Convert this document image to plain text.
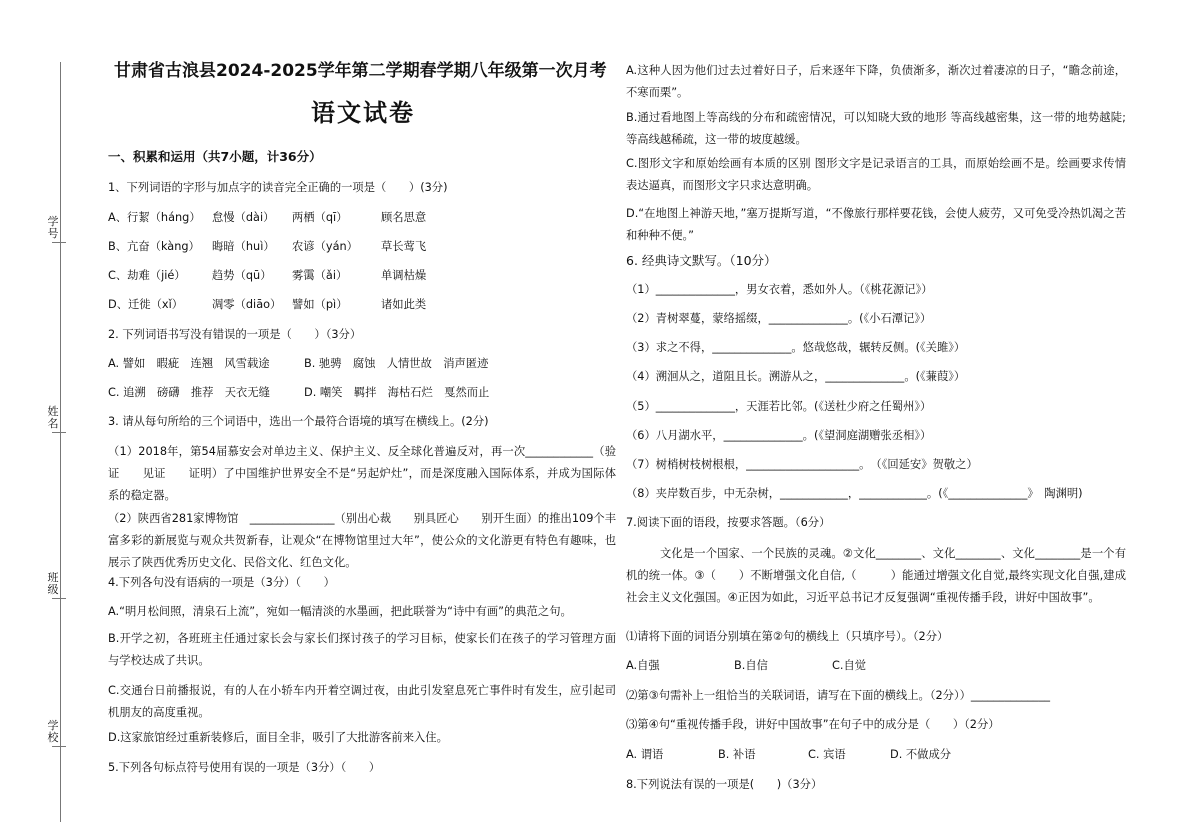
学号
姓名
班级
学校
甘肃省古浪县2024-2025学年第二学期春学期八年级第一次月考
语文试卷
一、积累和运用（共7小题，计36分）
1、下列词语的字形与加点字的读音完全正确的一项是（　　）(3分)
A、行絜（háng） 怠慢（dài） 两栖（qī）	顾名思意
B、亢奋（kàng） 晦暗（huì） 农谚（yán） 草长莺飞
C、劫难（jié） 趋势（qū） 雾霭（ǎi）	单调枯燥
D、迁徙（xǐ）	凋零（diāo） 譬如（pì）	诸如此类
2. 下列词语书写没有错误的一项是（　　）（3分）
A. 譬如　暇疵　连翘　风雪载途	B. 驰骋　腐蚀　人情世故　消声匿迹
C. 追溯　磅礴　推荐　天衣无缝	D. 嘲笑　羁拌　海枯石烂　戛然而止
3. 请从每句所给的三个词语中，选出一个最符合语境的填写在横线上。(2分)
（1）2018年，第54届慕安会对单边主义、保护主义、反全球化普遍反对，再一次____________（验　证　　见证　　证明）了中国维护世界安全不是“另起炉灶”，而是深度融入国际体系，并成为国际体系的稳定器。
（2）陕西省281家博物馆　_______________（别出心裁　　别具匠心　　别开生面）的推出109个丰富多彩的新展览与观众共贺新春，让观众“在博物馆里过大年”，使公众的文化游更有特色有趣味，也展示了陕西优秀历史文化、民俗文化、红色文化。
4.下列各句没有语病的一项是（3分）（　　）
A.“明月松间照，清泉石上流”，宛如一幅清淡的水墨画，把此联誉为“诗中有画”的典范之句。
B.开学之初，各班班主任通过家长会与家长们探讨孩子的学习目标，使家长们在孩子的学习管理方面与学校达成了共识。
C.交通台日前播报说，有的人在小轿车内开着空调过夜，由此引发窒息死亡事件时有发生，应引起司机朋友的高度重视。
D.这家旅馆经过重新装修后，面目全非，吸引了大批游客前来入住。
5.下列各句标点符号使用有误的一项是（3分）（　　）
A.这种人因为他们过去过着好日子，后来逐年下降，负债渐多，渐次过着凄凉的日子，“瞻念前途，不寒而栗”。
B.通过看地图上等高线的分布和疏密情况，可以知晓大致的地形 等高线越密集，这一带的地势越陡;等高线越稀疏，这一带的坡度越缓。
C.图形文字和原始绘画有本质的区别 图形文字是记录语言的工具，而原始绘画不是。绘画要求传情表达逼真，而图形文字只求达意明确。
D.“在地图上神游天地，”塞万提斯写道，“不像旅行那样要花钱，会使人疲劳，又可免受冷热饥渴之苦和种种不便。”
6. 经典诗文默写。（10分）
（1）______________，男女衣着，悉如外人。（《桃花源记》）
（2）青树翠蔓，蒙络摇缀，______________。(《小石潭记》）
（3）求之不得，______________。悠哉悠哉，辗转反侧。(《关雎》）
（4）溯洄从之，道阻且长。溯游从之，______________。(《蒹葭》）
（5）______________，天涯若比邻。(《送杜少府之任蜀州》）
（6）八月湖水平，______________。(《望洞庭湖赠张丞相》）
（7）树梢树枝树根根，____________________。　（《回延安》贺敬之）
（8）夹岸数百步，中无杂树，____________，____________。(《______________》　陶渊明)
7.阅读下面的语段，按要求答题。（6分）
文化是一个国家、一个民族的灵魂。②文化________、文化________、文化________是一个有机的统一体。③（　　）不断增强文化自信,（　　　）能通过增强文化自觉,最终实现文化自强,建成社会主义文化强国。④正因为如此，习近平总书记才反复强调“重视传播手段，讲好中国故事”。
⑴请将下面的词语分别填在第②句的横线上（只填序号）。（2分）
A.自强	B.自信	C.自觉
⑵第③句需补上一组恰当的关联词语，请写在下面的横线上。（2分））______________
⑶第④句“重视传播手段，讲好中国故事”在句子中的成分是（　　）（2分）
A. 谓语	B. 补语	C. 宾语	D. 不做成分
8.下列说法有误的一项是(　　)（3分）
